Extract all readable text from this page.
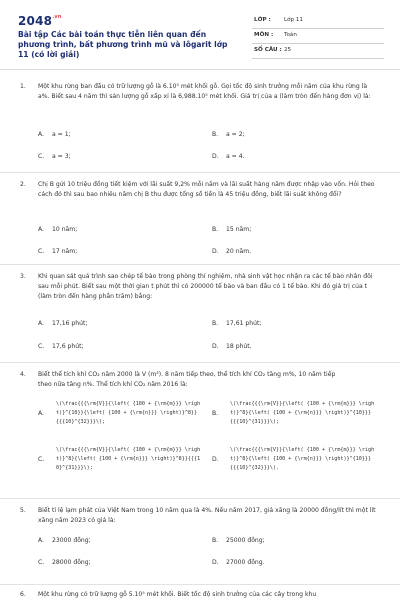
$2048^{.vn}$
Bài tập Các bài toán thực tiễn liên quan đến phương trình, bất phương trình mũ và lôgarit lớp 11 (có lời giải)
LỚP : Lớp 11
MÔN : Toán
SỐ CÂU : 25
1. Một khu rừng ban đầu có trữ lượng gỗ là 6.10⁵ mét khối gỗ. Gọi tốc độ sinh trưởng mỗi năm của khu rừng là a%. Biết sau 4 năm thì sản lượng gỗ xấp xỉ là 6,988.10⁵ mét khối. Giá trị của a (làm tròn đến hàng đơn vị) là:
A. a = 1;	B. a = 2;
C. a = 3;	D. a = 4.
2. Chị B gửi 10 triệu đồng tiết kiệm với lãi suất 9,2% mỗi năm và lãi suất hàng năm được nhập vào vốn. Hỏi theo cách đó thì sau bao nhiêu năm chị B thu được tổng số tiền là 45 triệu đồng, biết lãi suất không đổi?
A. 10 năm;	B. 15 năm;
C. 17 năm;	D. 20 năm.
3. Khi quan sát quá trình sao chép tế bào trong phòng thí nghiệm, nhà sinh vật học nhận ra các tế bào nhân đôi sau mỗi phút. Biết sau một thời gian t phút thì có 200000 tế bào và ban đầu có 1 tế bào. Khi đó giá trị của t (làm tròn đến hàng phần trăm) bằng:
A. 17,16 phút;	B. 17,61 phút;
C. 17,6 phút;	D. 18 phút.
4. Biết thể tích khí CO₂ năm 2000 là V (m³). 8 năm tiếp theo, thể tích khí CO₂ tăng m%, 10 năm tiếp
theo nữa tăng n%. Thể tích khí CO₂ năm 2016 là:
A.
\(\frac{{{\rm{V}}{\left( {100 + {\rm{m}}} \right)}^{10}}{\left( {100 + {\rm{n}}} \right)}^8}}{{{10}^{32}}}\);
B.
\(\frac{{{\rm{V}}{\left( {100 + {\rm{m}}} \right)}^8}{\left( {100 + {\rm{n}}} \right)}^{10}}}{{{10}^{31}}}\);
C.
\(\frac{{{\rm{V}}{\left( {100 + {\rm{m}}} \right)}^8}{\left( {100 + {\rm{n}}} \right)}^8}}{{{10}^{31}}}\);
D.
\(\frac{{{\rm{V}}{\left( {100 + {\rm{m}}} \right)}^8}{\left( {100 + {\rm{n}}} \right)}^{10}}}{{{10}^{32}}}\).
5. Biết tỉ lệ lạm phát của Việt Nam trong 10 năm qua là 4%. Nếu năm 2017, giá xăng là 20000 đồng/lít thì một lít xăng năm 2023 có giá là:
A. 23000 đồng;	B. 25000 đồng;
C. 28000 đồng;	D. 27000 đồng.
6. Một khu rừng có trữ lượng gỗ 5.10⁵ mét khối. Biết tốc độ sinh trưởng của các cây trong khu
